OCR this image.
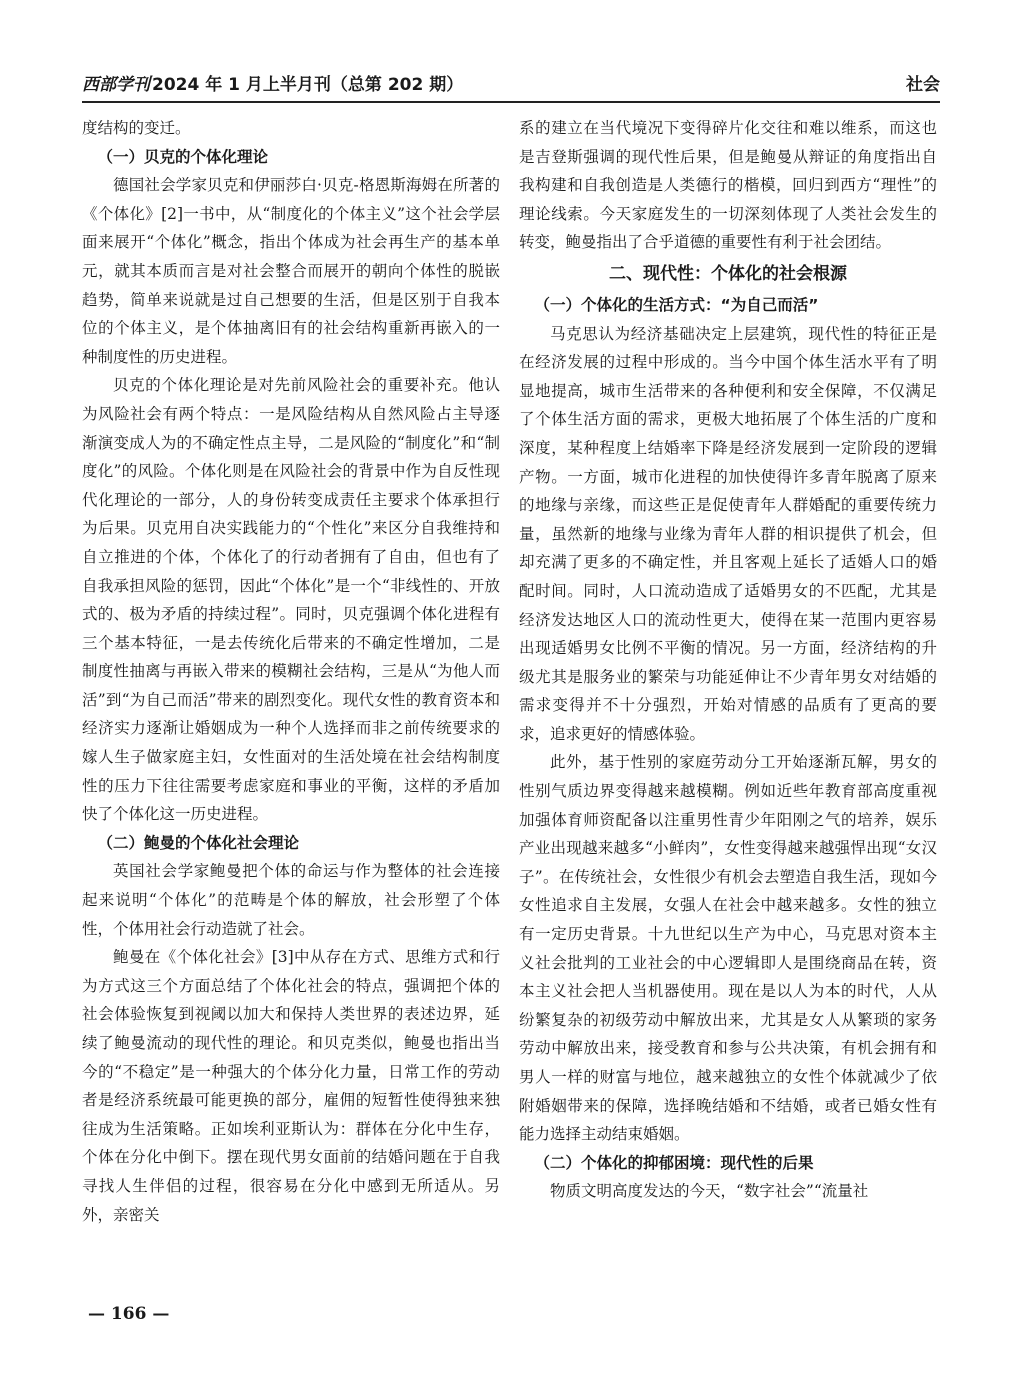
西部学刊 2024 年 1 月上半月刊（总第 202 期）	社会

度结构的变迁。

（一）贝克的个体化理论

德国社会学家贝克和伊丽莎白·贝克-格恩斯海姆在所著的《个体化》[2]一书中，从“制度化的个体主义”这个社会学层面来展开“个体化”概念，指出个体成为社会再生产的基本单元，就其本质而言是对社会整合而展开的朝向个体性的脱嵌趋势，简单来说就是过自己想要的生活，但是区别于自我本位的个体主义，是个体抽离旧有的社会结构重新再嵌入的一种制度性的历史进程。

贝克的个体化理论是对先前风险社会的重要补充。他认为风险社会有两个特点：一是风险结构从自然风险占主导逐渐演变成人为的不确定性点主导，二是风险的“制度化”和“制度化”的风险。个体化则是在风险社会的背景中作为自反性现代化理论的一部分，人的身份转变成责任主要求个体承担行为后果。贝克用自决实践能力的“个性化”来区分自我维持和自立推进的个体，个体化了的行动者拥有了自由，但也有了自我承担风险的惩罚，因此“个体化”是一个“非线性的、开放式的、极为矛盾的持续过程”。同时，贝克强调个体化进程有三个基本特征，一是去传统化后带来的不确定性增加，二是制度性抽离与再嵌入带来的模糊社会结构，三是从“为他人而活”到“为自己而活”带来的剧烈变化。现代女性的教育资本和经济实力逐渐让婚姻成为一种个人选择而非之前传统要求的嫁人生子做家庭主妇，女性面对的生活处境在社会结构制度性的压力下往往需要考虑家庭和事业的平衡，这样的矛盾加快了个体化这一历史进程。

（二）鲍曼的个体化社会理论

英国社会学家鲍曼把个体的命运与作为整体的社会连接起来说明“个体化”的范畴是个体的解放，社会形塑了个体性，个体用社会行动造就了社会。

鲍曼在《个体化社会》[3]中从存在方式、思维方式和行为方式这三个方面总结了个体化社会的特点，强调把个体的社会体验恢复到视阈以加大和保持人类世界的表述边界，延续了鲍曼流动的现代性的理论。和贝克类似，鲍曼也指出当今的“不稳定”是一种强大的个体分化力量，日常工作的劳动者是经济系统最可能更换的部分，雇佣的短暂性使得独来独往成为生活策略。正如埃利亚斯认为：群体在分化中生存，个体在分化中倒下。摆在现代男女面前的结婚问题在于自我寻找人生伴侣的过程，很容易在分化中感到无所适从。另外，亲密关

系的建立在当代境况下变得碎片化交往和难以维系，而这也是吉登斯强调的现代性后果，但是鲍曼从辩证的角度指出自我构建和自我创造是人类德行的楷模，回归到西方“理性”的理论线索。今天家庭发生的一切深刻体现了人类社会发生的转变，鲍曼指出了合乎道德的重要性有利于社会团结。

二、现代性：个体化的社会根源
（一）个体化的生活方式：“为自己而活”

马克思认为经济基础决定上层建筑，现代性的特征正是在经济发展的过程中形成的。当今中国个体生活水平有了明显地提高，城市生活带来的各种便利和安全保障，不仅满足了个体生活方面的需求，更极大地拓展了个体生活的广度和深度，某种程度上结婚率下降是经济发展到一定阶段的逻辑产物。一方面，城市化进程的加快使得许多青年脱离了原来的地缘与亲缘，而这些正是促使青年人群婚配的重要传统力量，虽然新的地缘与业缘为青年人群的相识提供了机会，但却充满了更多的不确定性，并且客观上延长了适婚人口的婚配时间。同时，人口流动造成了适婚男女的不匹配，尤其是经济发达地区人口的流动性更大，使得在某一范围内更容易出现适婚男女比例不平衡的情况。另一方面，经济结构的升级尤其是服务业的繁荣与功能延伸让不少青年男女对结婚的需求变得并不十分强烈，开始对情感的品质有了更高的要求，追求更好的情感体验。

此外，基于性别的家庭劳动分工开始逐渐瓦解，男女的性别气质边界变得越来越模糊。例如近些年教育部高度重视加强体育师资配备以注重男性青少年阳刚之气的培养，娱乐产业出现越来越多“小鲜肉”，女性变得越来越强悍出现“女汉子”。在传统社会，女性很少有机会去塑造自我生活，现如今女性追求自主发展，女强人在社会中越来越多。女性的独立有一定历史背景。十九世纪以生产为中心，马克思对资本主义社会批判的工业社会的中心逻辑即人是围绕商品在转，资本主义社会把人当机器使用。现在是以人为本的时代，人从纷繁复杂的初级劳动中解放出来，尤其是女人从繁琐的家务劳动中解放出来，接受教育和参与公共决策，有机会拥有和男人一样的财富与地位，越来越独立的女性个体就减少了依附婚姻带来的保障，选择晚结婚和不结婚，或者已婚女性有能力选择主动结束婚姻。

（二）个体化的抑郁困境：现代性的后果

物质文明高度发达的今天，“数字社会”“流量社

— 166 —
